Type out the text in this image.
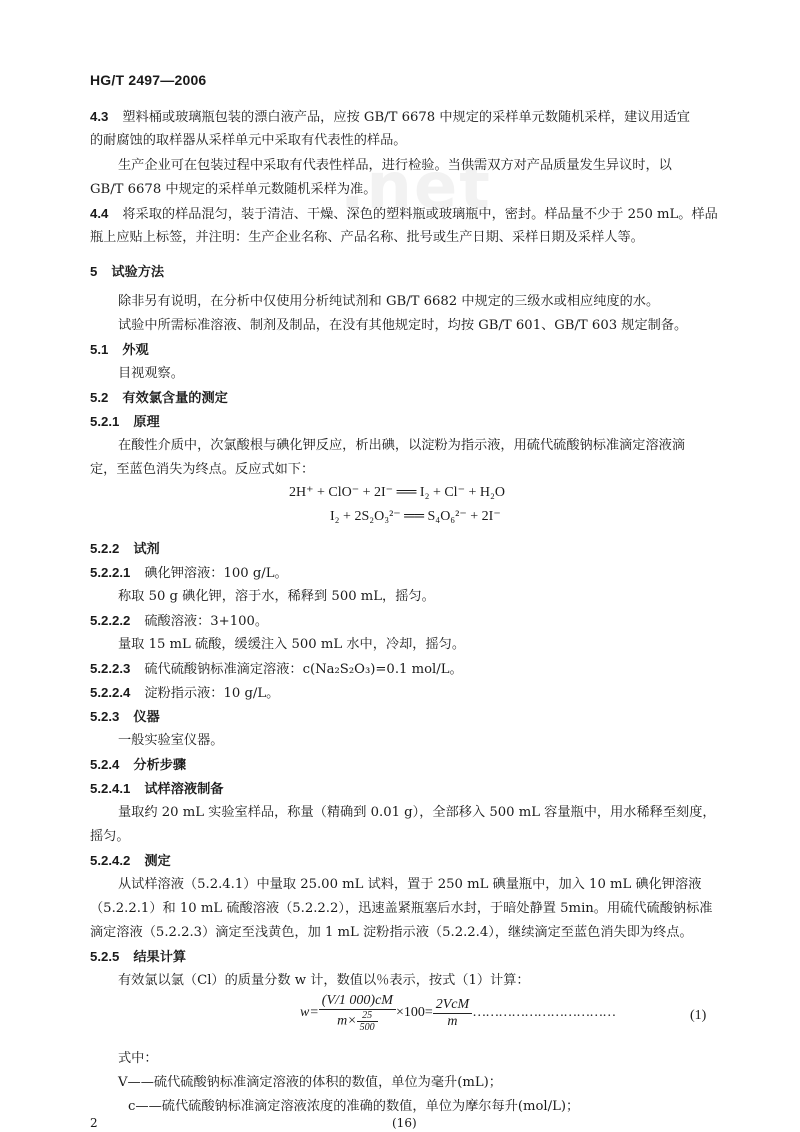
.net
HG/T 2497—2006
4.3 塑料桶或玻璃瓶包装的漂白液产品，应按 GB/T 6678 中规定的采样单元数随机采样，建议用适宜
的耐腐蚀的取样器从采样单元中采取有代表性的样品。
生产企业可在包装过程中采取有代表性样品，进行检验。当供需双方对产品质量发生异议时，以
GB/T 6678 中规定的采样单元数随机采样为准。
4.4 将采取的样品混匀，装于清洁、干燥、深色的塑料瓶或玻璃瓶中，密封。样品量不少于 250 mL。样品
瓶上应贴上标签，并注明：生产企业名称、产品名称、批号或生产日期、采样日期及采样人等。
5 试验方法
除非另有说明，在分析中仅使用分析纯试剂和 GB/T 6682 中规定的三级水或相应纯度的水。
试验中所需标准溶液、制剂及制品，在没有其他规定时，均按 GB/T 601、GB/T 603 规定制备。
5.1 外观
目视观察。
5.2 有效氯含量的测定
5.2.1 原理
在酸性介质中，次氯酸根与碘化钾反应，析出碘，以淀粉为指示液，用硫代硫酸钠标准滴定溶液滴
定，至蓝色消失为终点。反应式如下：
2H⁺ + ClO⁻ + 2I⁻ ══ I₂ + Cl⁻ + H₂O
I₂ + 2S₂O₃²⁻ ══ S₄O₆²⁻ + 2I⁻
5.2.2 试剂
5.2.2.1 碘化钾溶液：100 g/L。
称取 50 g 碘化钾，溶于水，稀释到 500 mL，摇匀。
5.2.2.2 硫酸溶液：3+100。
量取 15 mL 硫酸，缓缓注入 500 mL 水中，冷却，摇匀。
5.2.2.3 硫代硫酸钠标准滴定溶液：c(Na₂S₂O₃)=0.1 mol/L。
5.2.2.4 淀粉指示液：10 g/L。
5.2.3 仪器
一般实验室仪器。
5.2.4 分析步骤
5.2.4.1 试样溶液制备
量取约 20 mL 实验室样品，称量（精确到 0.01 g），全部移入 500 mL 容量瓶中，用水稀释至刻度，
摇匀。
5.2.4.2 测定
从试样溶液（5.2.4.1）中量取 25.00 mL 试料，置于 250 mL 碘量瓶中，加入 10 mL 碘化钾溶液
（5.2.2.1）和 10 mL 硫酸溶液（5.2.2.2），迅速盖紧瓶塞后水封，于暗处静置 5min。用硫代硫酸钠标准
滴定溶液（5.2.2.3）滴定至浅黄色，加 1 mL 淀粉指示液（5.2.2.4），继续滴定至蓝色消失即为终点。
5.2.5 结果计算
有效氯以氯（Cl）的质量分数 w 计，数值以％表示，按式（1）计算：
$w= \frac{(V/1 000)cM}{m\times \frac{25}{500}} \times 100= \frac{\text{2VcM}}{m}$ ……………………………	(1)
式中：
V——硫代硫酸钠标准滴定溶液的体积的数值，单位为毫升(mL)；
c——硫代硫酸钠标准滴定溶液浓度的准确的数值，单位为摩尔每升(mol/L)；
2	(16)
